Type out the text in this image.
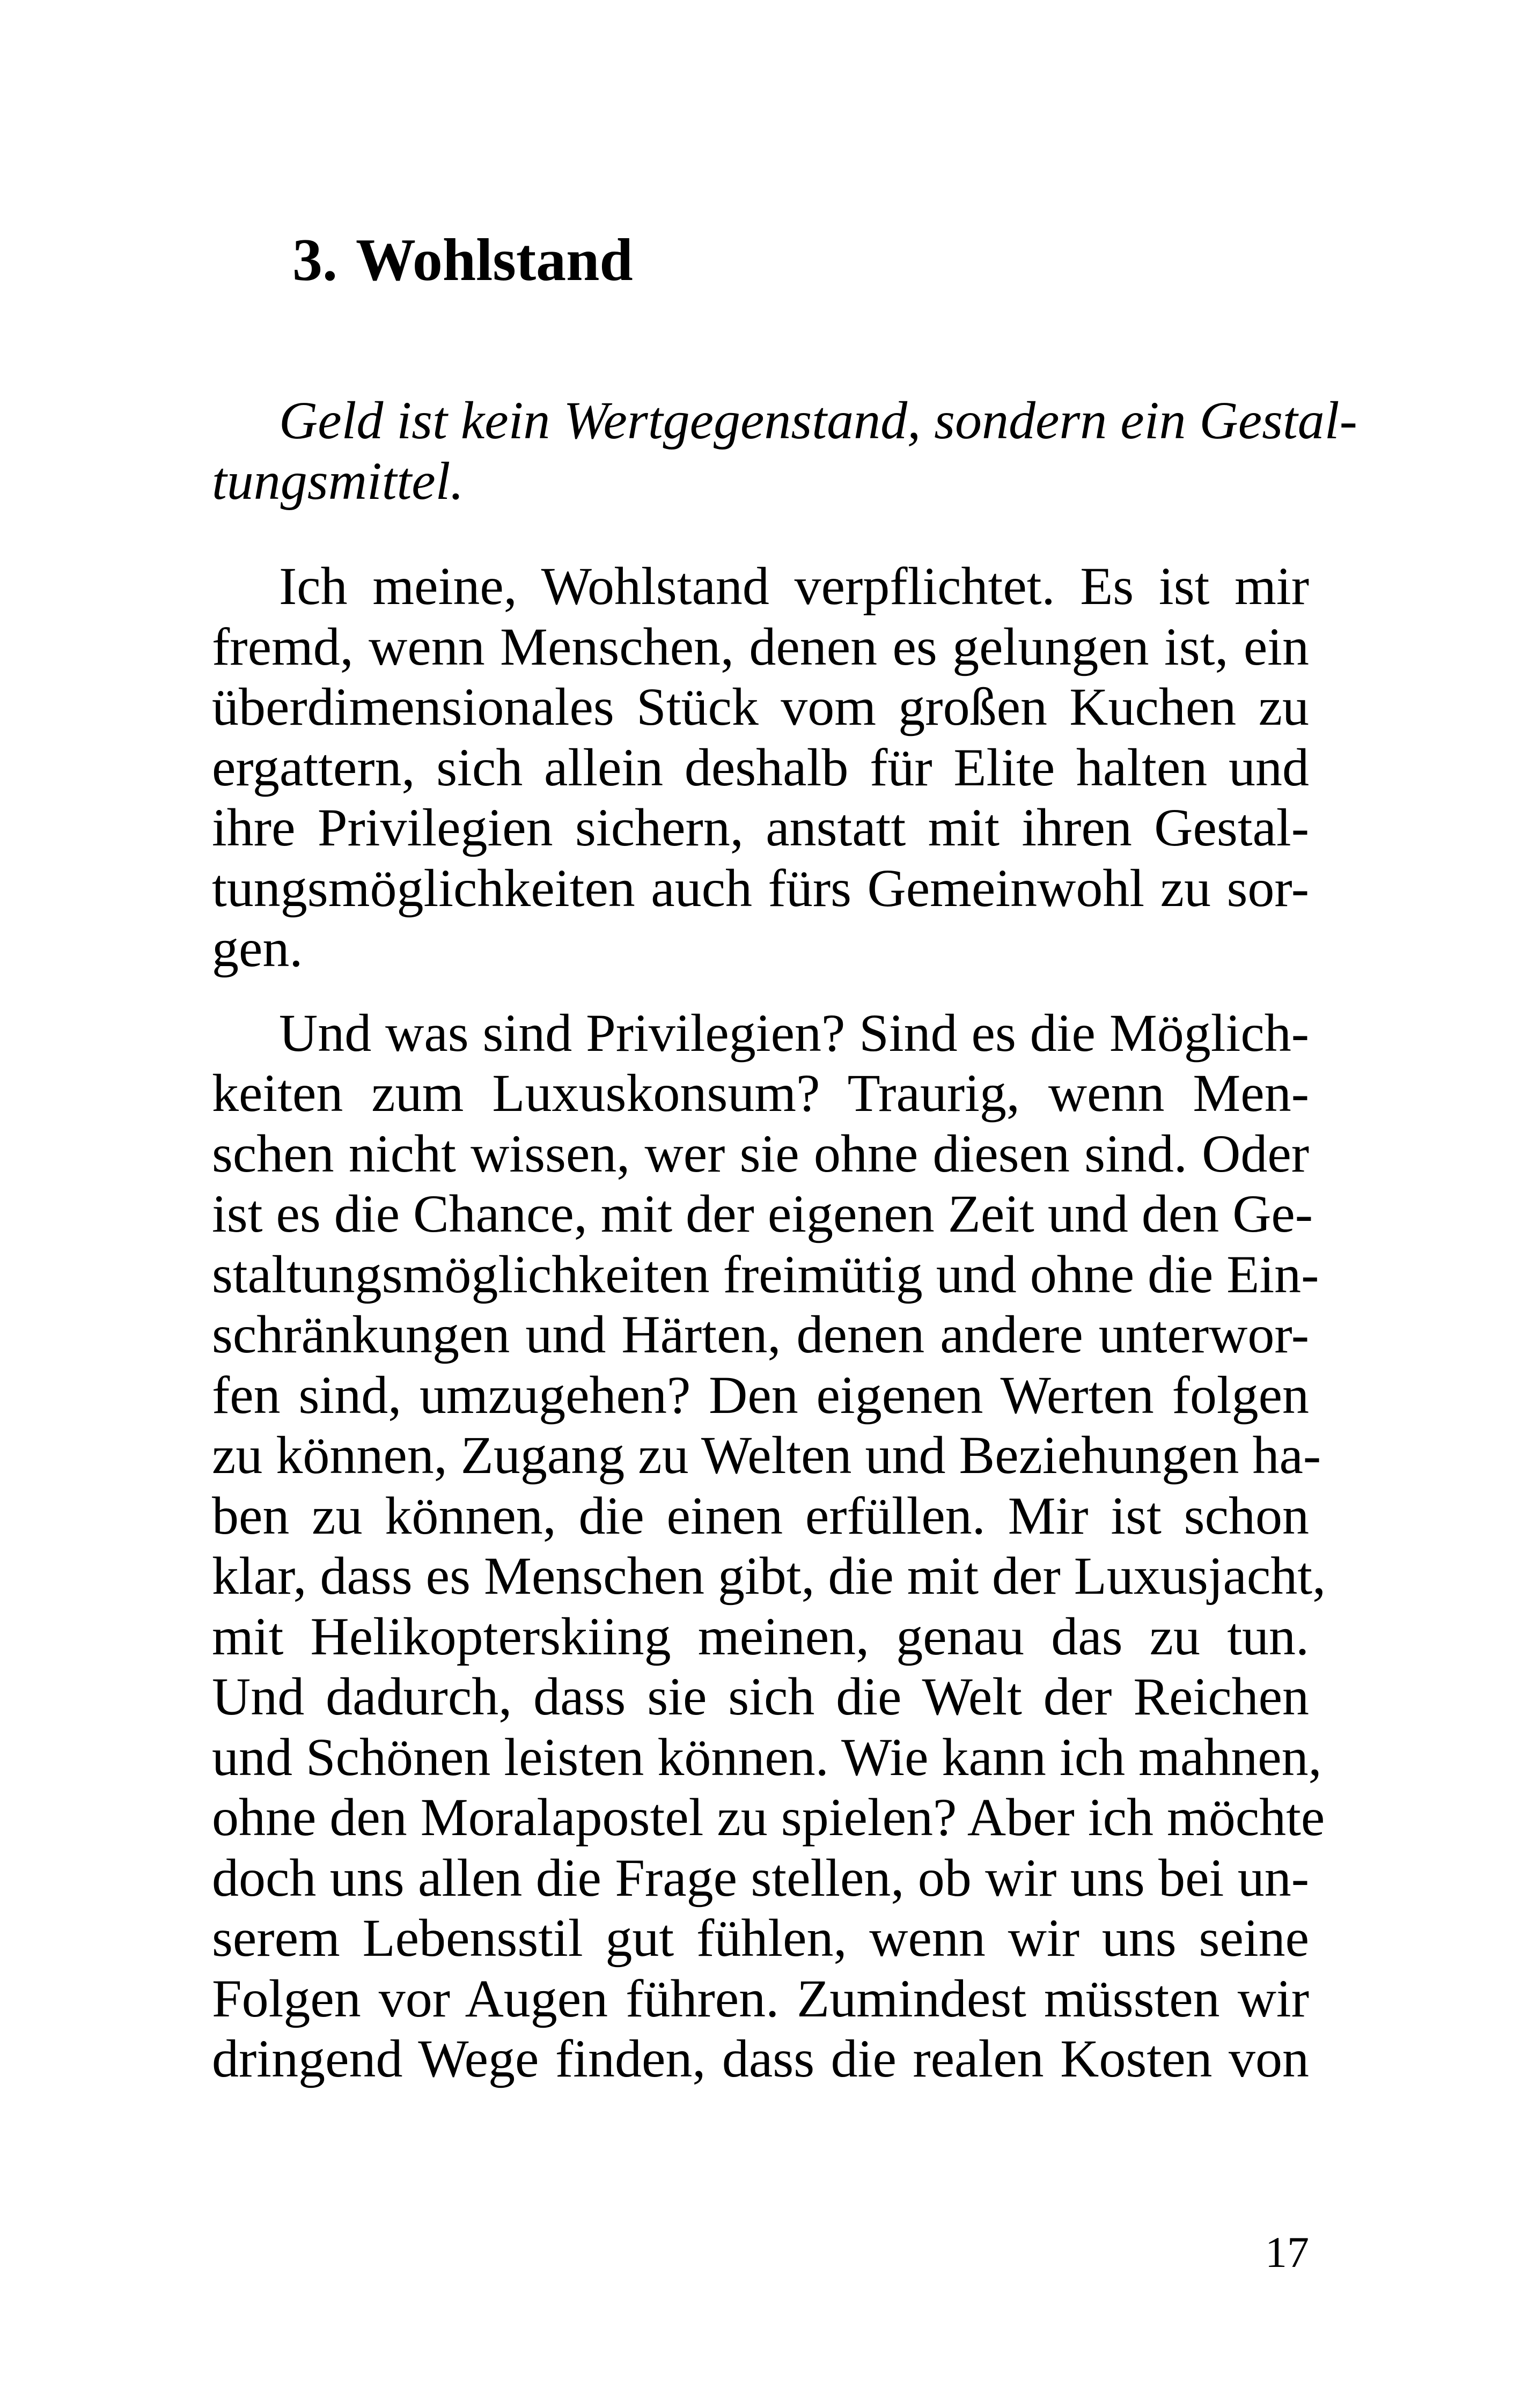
3. Wohlstand
Geld ist kein Wertgegenstand, sondern ein Gestal-
tungsmittel.
Ich meine, Wohlstand verpflichtet. Es ist mir
fremd, wenn Menschen, denen es gelungen ist, ein
überdimensionales Stück vom großen Kuchen zu
ergattern, sich allein deshalb für Elite halten und
ihre Privilegien sichern, anstatt mit ihren Gestal-
tungsmöglichkeiten auch fürs Gemeinwohl zu sor-
gen.
Und was sind Privilegien? Sind es die Möglich-
keiten zum Luxuskonsum? Traurig, wenn Men-
schen nicht wissen, wer sie ohne diesen sind. Oder
ist es die Chance, mit der eigenen Zeit und den Ge-
staltungsmöglichkeiten freimütig und ohne die Ein-
schränkungen und Härten, denen andere unterwor-
fen sind, umzugehen? Den eigenen Werten folgen
zu können, Zugang zu Welten und Beziehungen ha-
ben zu können, die einen erfüllen. Mir ist schon
klar, dass es Menschen gibt, die mit der Luxusjacht,
mit Helikopterskiing meinen, genau das zu tun.
Und dadurch, dass sie sich die Welt der Reichen
und Schönen leisten können. Wie kann ich mahnen,
ohne den Moralapostel zu spielen? Aber ich möchte
doch uns allen die Frage stellen, ob wir uns bei un-
serem Lebensstil gut fühlen, wenn wir uns seine
Folgen vor Augen führen. Zumindest müssten wir
dringend Wege finden, dass die realen Kosten von
17
